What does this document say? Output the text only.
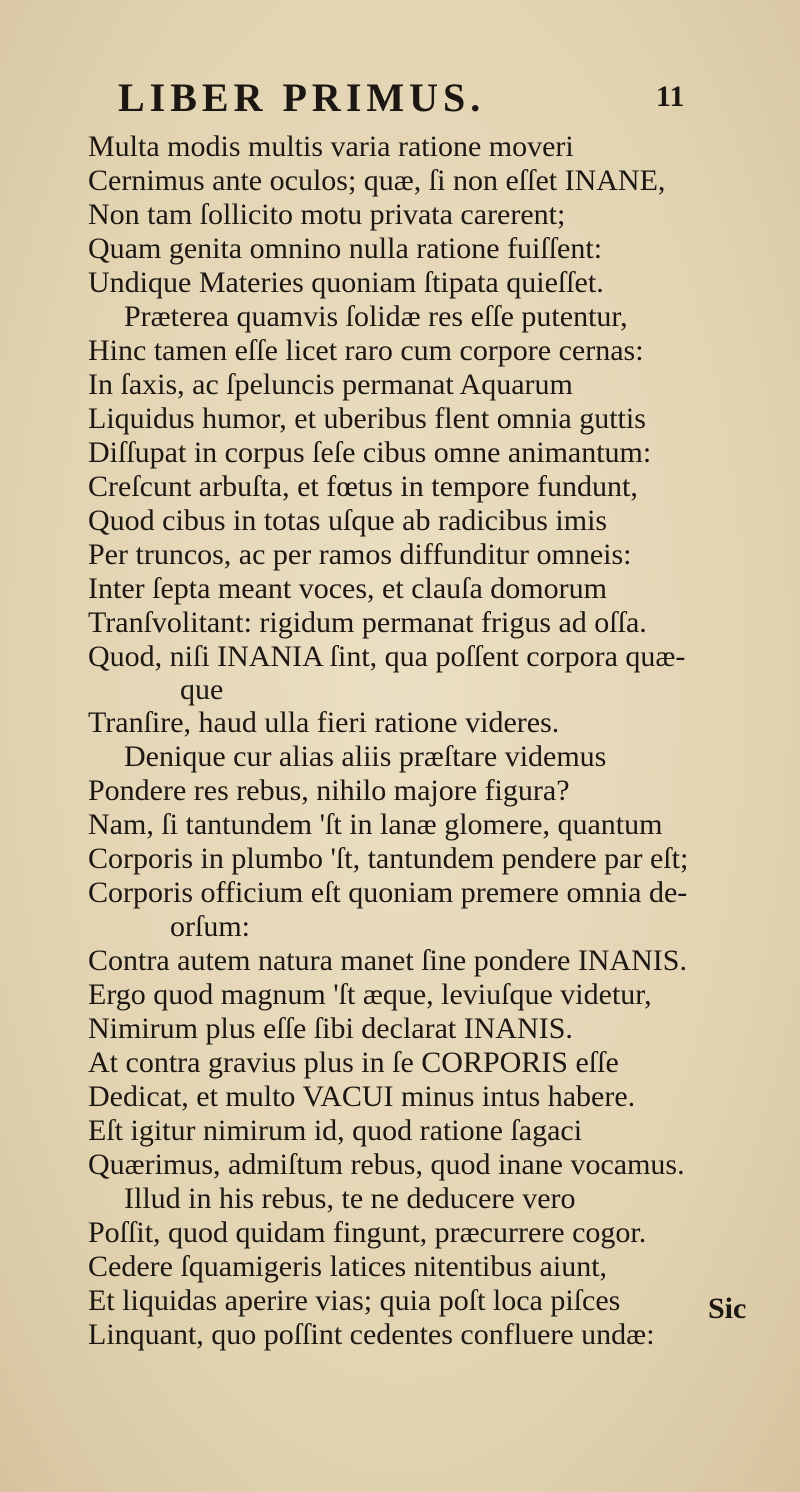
LIBER PRIMUS.	11
Multa modis multis varia ratione moveri
Cernimus ante oculos; quæ, ſi non eſſet INANE,
Non tam ſollicito motu privata carerent;
Quam genita omnino nulla ratione fuiſſent:
Undique Materies quoniam ſtipata quieſſet.
Præterea quamvis ſolidæ res eſſe putentur,
Hinc tamen eſſe licet raro cum corpore cernas:
In ſaxis, ac ſpeluncis permanat Aquarum
Liquidus humor, et uberibus flent omnia guttis
Diſſupat in corpus ſeſe cibus omne animantum:
Creſcunt arbuſta, et fœtus in tempore fundunt,
Quod cibus in totas uſque ab radicibus imis
Per truncos, ac per ramos diffunditur omneis:
Inter ſepta meant voces, et clauſa domorum
Tranſvolitant: rigidum permanat frigus ad oſſa.
Quod, niſi INANIA ſint, qua poſſent corpora quæ-
que
Tranſire, haud ulla fieri ratione videres.
Denique cur alias aliis præſtare videmus
Pondere res rebus, nihilo majore figura?
Nam, ſi tantundem 'ſt in lanæ glomere, quantum
Corporis in plumbo 'ſt, tantundem pendere par eſt;
Corporis officium eſt quoniam premere omnia de-
orſum:
Contra autem natura manet ſine pondere INANIS.
Ergo quod magnum 'ſt æque, leviuſque videtur,
Nimirum plus eſſe ſibi declarat INANIS.
At contra gravius plus in ſe CORPORIS eſſe
Dedicat, et multo VACUI minus intus habere.
Eſt igitur nimirum id, quod ratione ſagaci
Quærimus, admiſtum rebus, quod inane vocamus.
Illud in his rebus, te ne deducere vero
Poſſit, quod quidam fingunt, præcurrere cogor.
Cedere ſquamigeris latices nitentibus aiunt,
Et liquidas aperire vias; quia poſt loca piſces
Linquant, quo poſſint cedentes confluere undæ:
Sic
